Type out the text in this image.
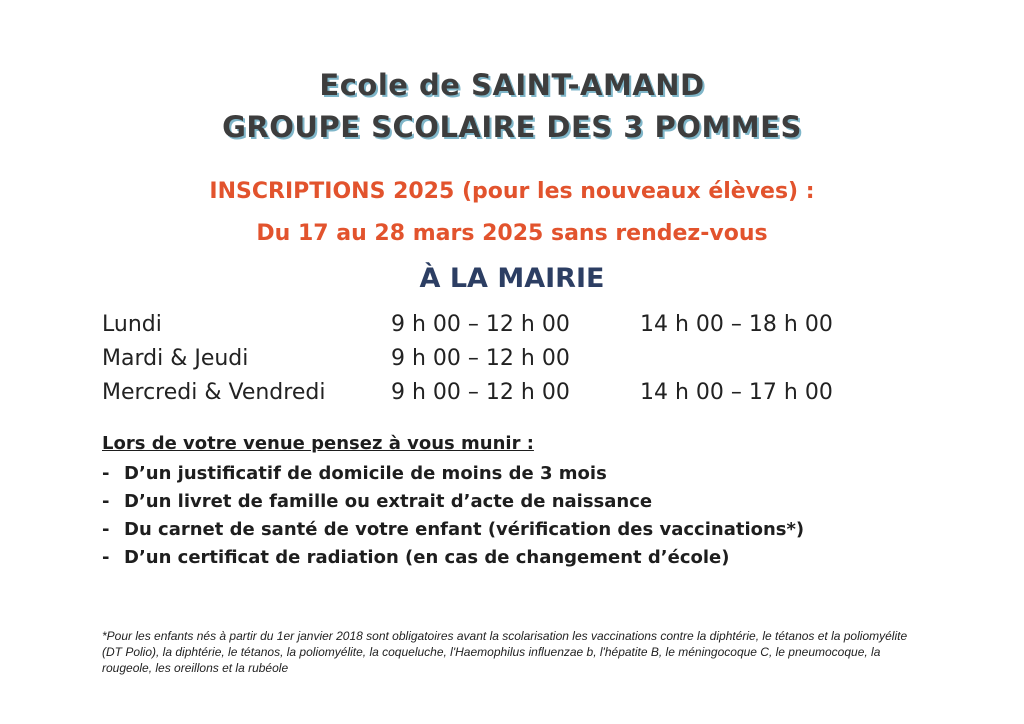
Ecole de SAINT-AMAND
GROUPE SCOLAIRE DES 3 POMMES
INSCRIPTIONS 2025 (pour les nouveaux élèves) :
Du 17 au 28 mars 2025 sans rendez-vous
À LA MAIRIE
Lundi	9 h 00 – 12 h 00	14 h 00 – 18 h 00
Mardi & Jeudi	9 h 00 – 12 h 00
Mercredi & Vendredi	9 h 00 – 12 h 00	14 h 00 – 17 h 00
Lors de votre venue pensez à vous munir :
- D’un justificatif de domicile de moins de 3 mois
- D’un livret de famille ou extrait d’acte de naissance
- Du carnet de santé de votre enfant (vérification des vaccinations*)
- D’un certificat de radiation (en cas de changement d’école)
*Pour les enfants nés à partir du 1er janvier 2018 sont obligatoires avant la scolarisation les vaccinations contre la diphtérie, le tétanos et la poliomyélite (DT Polio), la diphtérie, le tétanos, la poliomyélite, la coqueluche, l'Haemophilus influenzae b, l'hépatite B, le méningocoque C, le pneumocoque, la rougeole, les oreillons et la rubéole
